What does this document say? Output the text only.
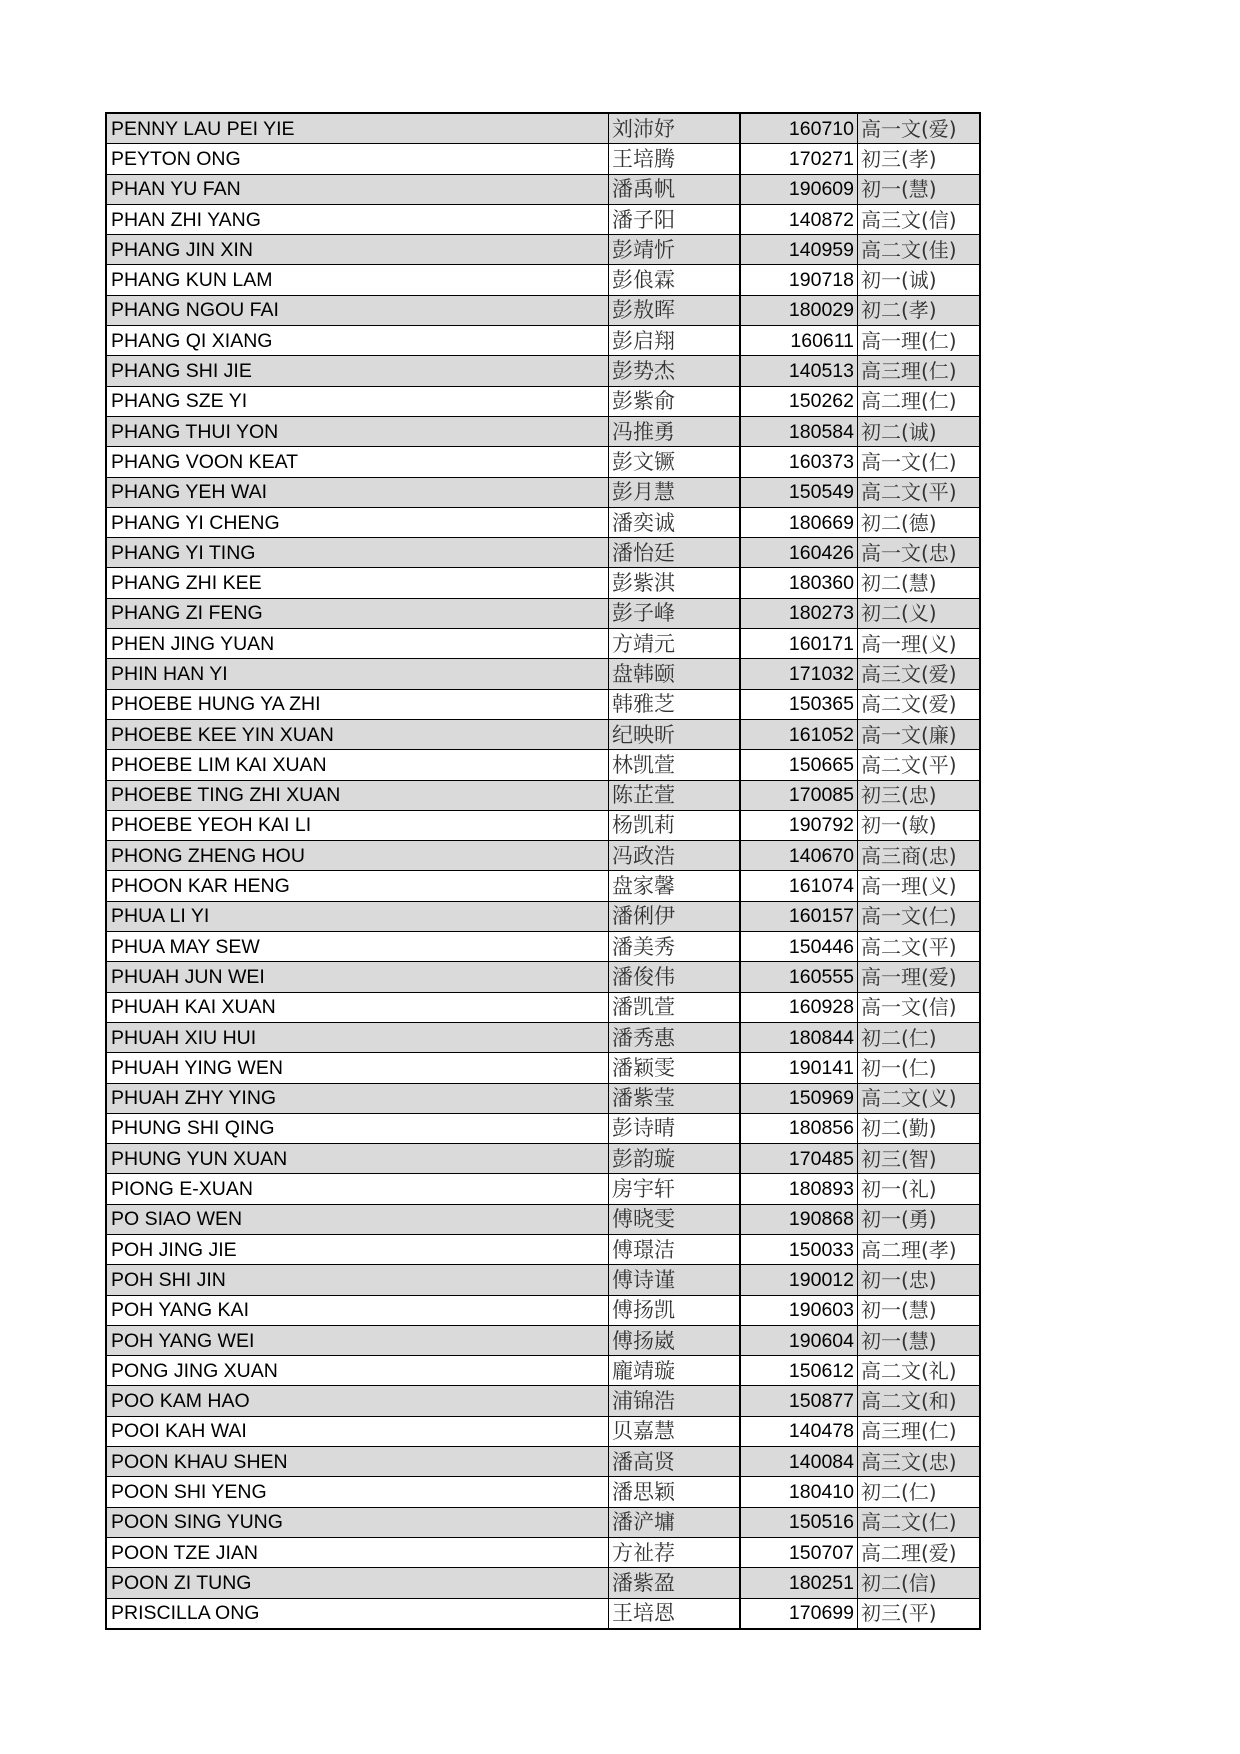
PENNY LAU PEI YIE	刘沛妤	160710	高一文(爱)
PEYTON ONG	王培腾	170271	初三(孝)
PHAN YU FAN	潘禹帆	190609	初一(慧)
PHAN ZHI YANG	潘子阳	140872	高三文(信)
PHANG JIN XIN	彭靖忻	140959	高二文(佳)
PHANG KUN LAM	彭俍霖	190718	初一(诚)
PHANG NGOU FAI	彭敖晖	180029	初二(孝)
PHANG QI XIANG	彭启翔	160611	高一理(仁)
PHANG SHI JIE	彭势杰	140513	高三理(仁)
PHANG SZE YI	彭紫俞	150262	高二理(仁)
PHANG THUI YON	冯推勇	180584	初二(诚)
PHANG VOON KEAT	彭文镢	160373	高一文(仁)
PHANG YEH WAI	彭月慧	150549	高二文(平)
PHANG YI CHENG	潘奕诚	180669	初二(德)
PHANG YI TING	潘怡廷	160426	高一文(忠)
PHANG ZHI KEE	彭紫淇	180360	初二(慧)
PHANG ZI FENG	彭子峰	180273	初二(义)
PHEN JING YUAN	方靖元	160171	高一理(义)
PHIN HAN YI	盘韩颐	171032	高三文(爱)
PHOEBE HUNG YA ZHI	韩雅芝	150365	高二文(爱)
PHOEBE KEE YIN XUAN	纪映昕	161052	高一文(廉)
PHOEBE LIM KAI XUAN	林凯萱	150665	高二文(平)
PHOEBE TING ZHI XUAN	陈芷萱	170085	初三(忠)
PHOEBE YEOH KAI LI	杨凯莉	190792	初一(敏)
PHONG ZHENG HOU	冯政浩	140670	高三商(忠)
PHOON KAR HENG	盘家馨	161074	高一理(义)
PHUA LI YI	潘俐伊	160157	高一文(仁)
PHUA MAY SEW	潘美秀	150446	高二文(平)
PHUAH JUN WEI	潘俊伟	160555	高一理(爱)
PHUAH KAI XUAN	潘凯萱	160928	高一文(信)
PHUAH XIU HUI	潘秀惠	180844	初二(仁)
PHUAH YING WEN	潘颖雯	190141	初一(仁)
PHUAH ZHY YING	潘紫莹	150969	高二文(义)
PHUNG SHI QING	彭诗晴	180856	初二(勤)
PHUNG YUN XUAN	彭韵璇	170485	初三(智)
PIONG E-XUAN	房宇轩	180893	初一(礼)
PO SIAO WEN	傅晓雯	190868	初一(勇)
POH JING JIE	傅璟洁	150033	高二理(孝)
POH SHI JIN	傅诗谨	190012	初一(忠)
POH YANG KAI	傅扬凯	190603	初一(慧)
POH YANG WEI	傅扬崴	190604	初一(慧)
PONG JING XUAN	龐靖璇	150612	高二文(礼)
POO KAM HAO	浦锦浩	150877	高二文(和)
POOI KAH WAI	贝嘉慧	140478	高三理(仁)
POON KHAU SHEN	潘高贤	140084	高三文(忠)
POON SHI YENG	潘思颖	180410	初二(仁)
POON SING YUNG	潘浐墉	150516	高二文(仁)
POON TZE JIAN	方祉荐	150707	高二理(爱)
POON ZI TUNG	潘紫盈	180251	初二(信)
PRISCILLA ONG	王培恩	170699	初三(平)
